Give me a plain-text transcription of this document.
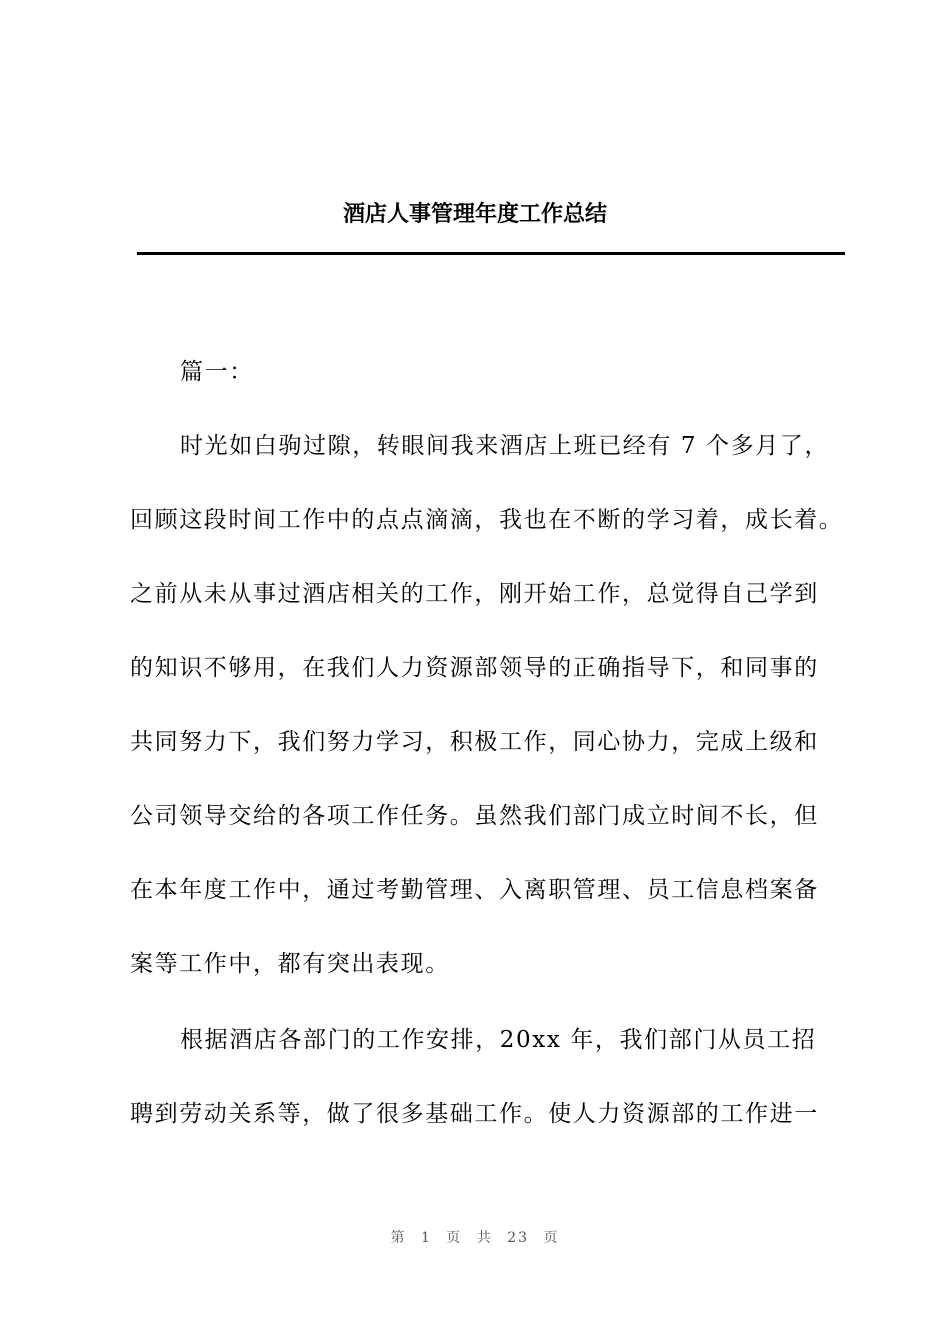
酒店人事管理年度工作总结
篇一：
时光如白驹过隙，转眼间我来酒店上班已经有 7 个多月了，
回顾这段时间工作中的点点滴滴，我也在不断的学习着，成长着。
之前从未从事过酒店相关的工作，刚开始工作，总觉得自己学到
的知识不够用，在我们人力资源部领导的正确指导下，和同事的
共同努力下，我们努力学习，积极工作，同心协力，完成上级和
公司领导交给的各项工作任务。虽然我们部门成立时间不长，但
在本年度工作中，通过考勤管理、入离职管理、员工信息档案备
案等工作中，都有突出表现。
根据酒店各部门的工作安排，20xx 年，我们部门从员工招
聘到劳动关系等，做了很多基础工作。使人力资源部的工作进一
第 1 页 共 23 页
